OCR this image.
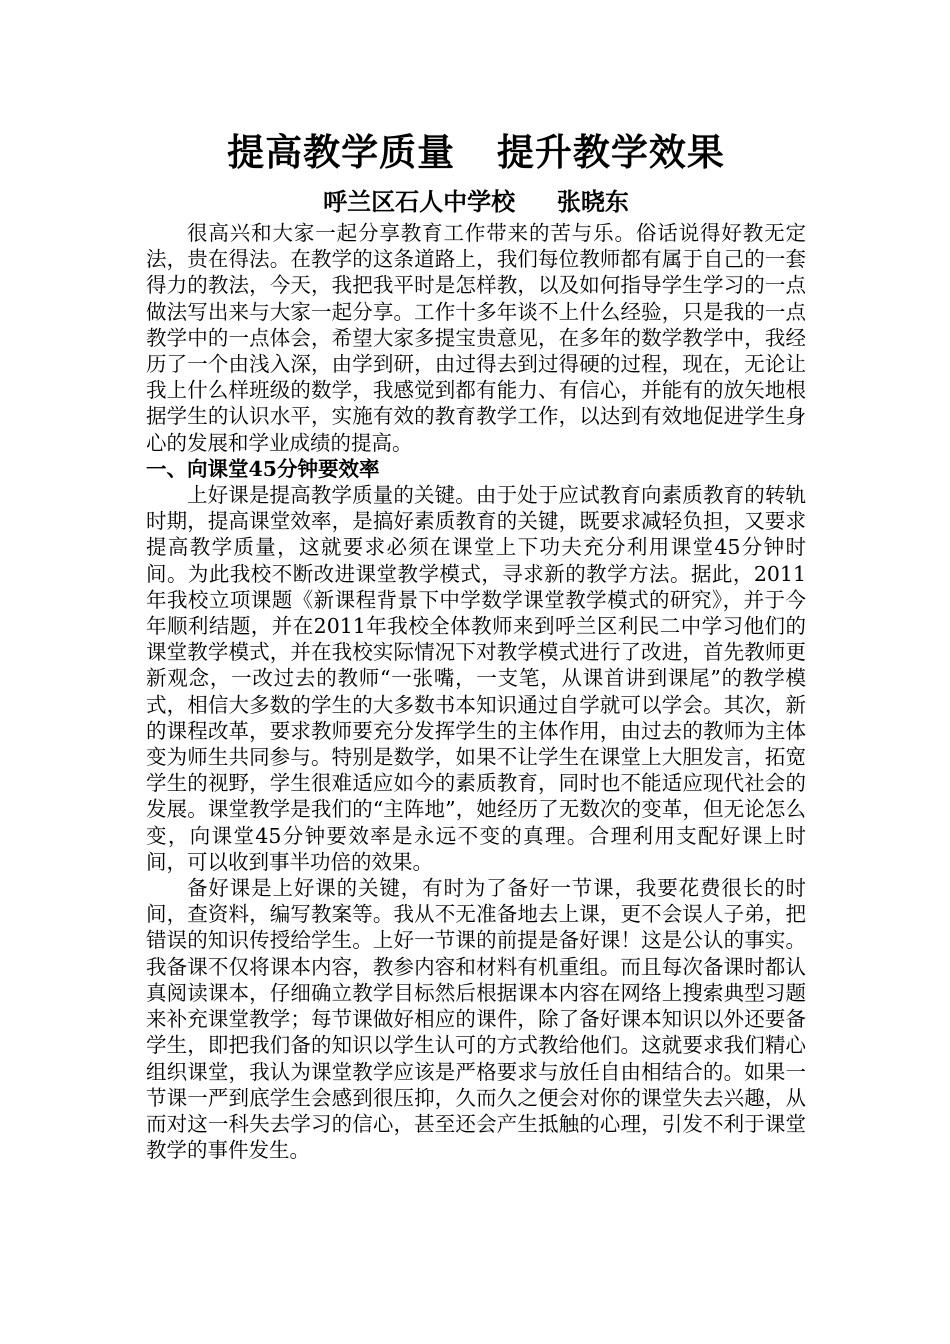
提高教学质量   提升教学效果
呼兰区石人中学校     张晓东

很高兴和大家一起分享教育工作带来的苦与乐。俗话说得好教无定法，贵在得法。在教学的这条道路上，我们每位教师都有属于自己的一套得力的教法，今天，我把我平时是怎样教，以及如何指导学生学习的一点做法写出来与大家一起分享。工作十多年谈不上什么经验，只是我的一点教学中的一点体会，希望大家多提宝贵意见，在多年的数学教学中，我经历了一个由浅入深，由学到研，由过得去到过得硬的过程，现在，无论让我上什么样班级的数学，我感觉到都有能力、有信心，并能有的放矢地根据学生的认识水平，实施有效的教育教学工作，以达到有效地促进学生身心的发展和学业成绩的提高。

一、向课堂45分钟要效率

上好课是提高教学质量的关键。由于处于应试教育向素质教育的转轨时期，提高课堂效率，是搞好素质教育的关键，既要求减轻负担，又要求提高教学质量，这就要求必须在课堂上下功夫充分利用课堂45分钟时间。为此我校不断改进课堂教学模式，寻求新的教学方法。据此，2011年我校立项课题《新课程背景下中学数学课堂教学模式的研究》，并于今年顺利结题，并在2011年我校全体教师来到呼兰区利民二中学习他们的课堂教学模式，并在我校实际情况下对教学模式进行了改进，首先教师更新观念，一改过去的教师“一张嘴，一支笔，从课首讲到课尾”的教学模式，相信大多数的学生的大多数书本知识通过自学就可以学会。其次，新的课程改革，要求教师要充分发挥学生的主体作用，由过去的教师为主体变为师生共同参与。特别是数学，如果不让学生在课堂上大胆发言，拓宽学生的视野，学生很难适应如今的素质教育，同时也不能适应现代社会的发展。课堂教学是我们的“主阵地”，她经历了无数次的变革，但无论怎么变，向课堂45分钟要效率是永远不变的真理。合理利用支配好课上时间，可以收到事半功倍的效果。

备好课是上好课的关键，有时为了备好一节课，我要花费很长的时间，查资料，编写教案等。我从不无准备地去上课，更不会误人子弟，把错误的知识传授给学生。上好一节课的前提是备好课！这是公认的事实。我备课不仅将课本内容，教参内容和材料有机重组。而且每次备课时都认真阅读课本，仔细确立教学目标然后根据课本内容在网络上搜索典型习题来补充课堂教学；每节课做好相应的课件，除了备好课本知识以外还要备学生，即把我们备的知识以学生认可的方式教给他们。这就要求我们精心组织课堂，我认为课堂教学应该是严格要求与放任自由相结合的。如果一节课一严到底学生会感到很压抑，久而久之便会对你的课堂失去兴趣，从而对这一科失去学习的信心，甚至还会产生抵触的心理，引发不利于课堂教学的事件发生。
